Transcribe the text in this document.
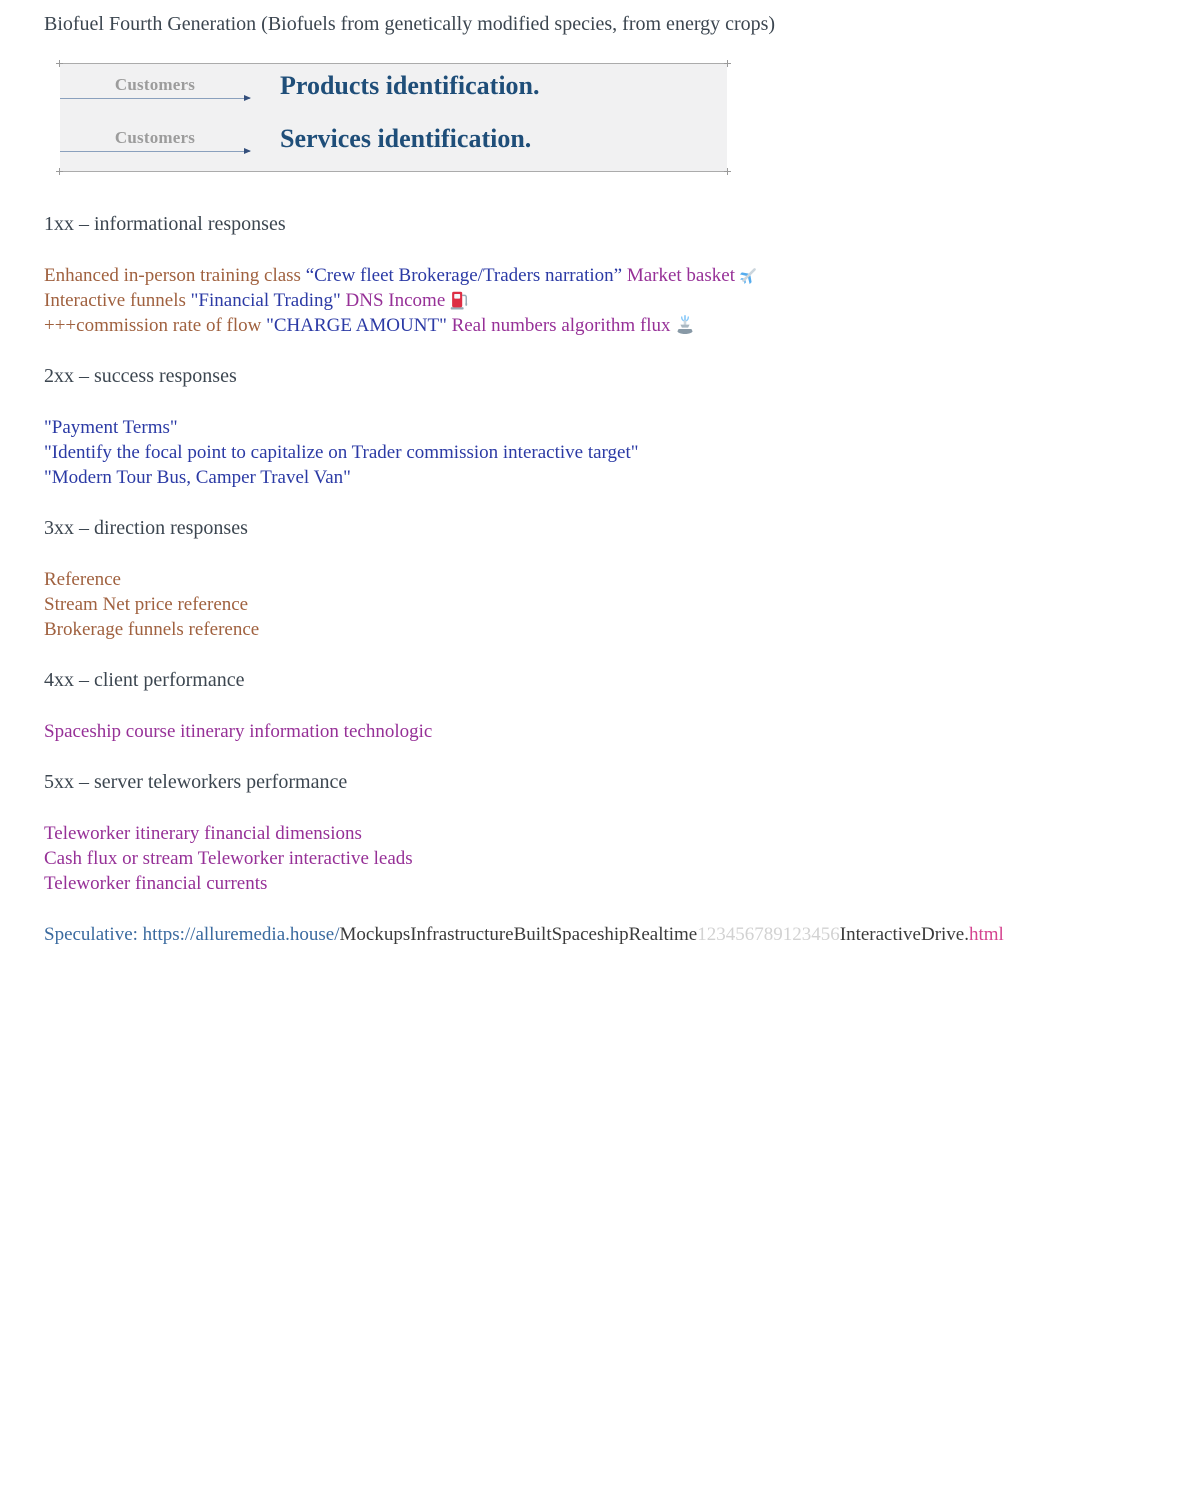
Biofuel Fourth Generation (Biofuels from genetically modified species, from energy crops)

Customers	Products identification.
Customers	Services identification.

1xx – informational responses

Enhanced in-person training class “Crew fleet Brokerage/Traders narration” Market basket
Interactive funnels "Financial Trading" DNS Income
+++commission rate of flow "CHARGE AMOUNT" Real numbers algorithm flux

2xx – success responses

"Payment Terms"
"Identify the focal point to capitalize on Trader commission interactive target"
"Modern Tour Bus, Camper Travel Van"

3xx – direction responses

Reference
Stream Net price reference
Brokerage funnels reference

4xx – client performance

Spaceship course itinerary information technologic

5xx – server teleworkers performance

Teleworker itinerary financial dimensions
Cash flux or stream Teleworker interactive leads
Teleworker financial currents

Speculative: https://alluremedia.house/MockupsInfrastructureBuiltSpaceshipRealtime123456789123456InteractiveDrive.html
